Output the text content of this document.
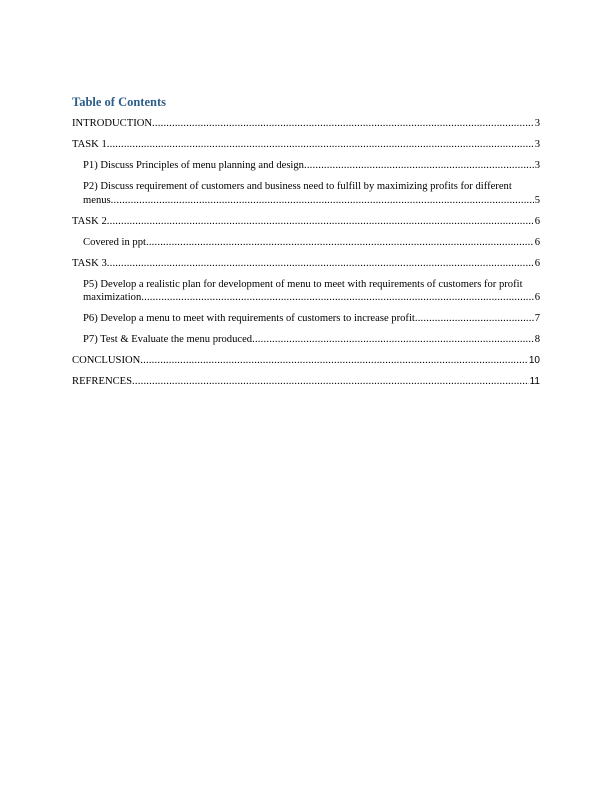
Table of Contents
INTRODUCTION .....	3
TASK 1 .....	3
P1) Discuss Principles of menu planning and design .....	3
P2) Discuss requirement of customers and business need to fulfill by maximizing profits for different
menus .....	5
TASK 2 .....	6
Covered in ppt .....	6
TASK 3 .....	6
P5) Develop a realistic plan for development of menu to meet with requirements of customers for profit
maximization .....	6
P6) Develop a menu to meet with requirements of customers to increase profit .....	7
P7) Test & Evaluate the menu produced .....	8
CONCLUSION .....	10
REFRENCES .....	11
